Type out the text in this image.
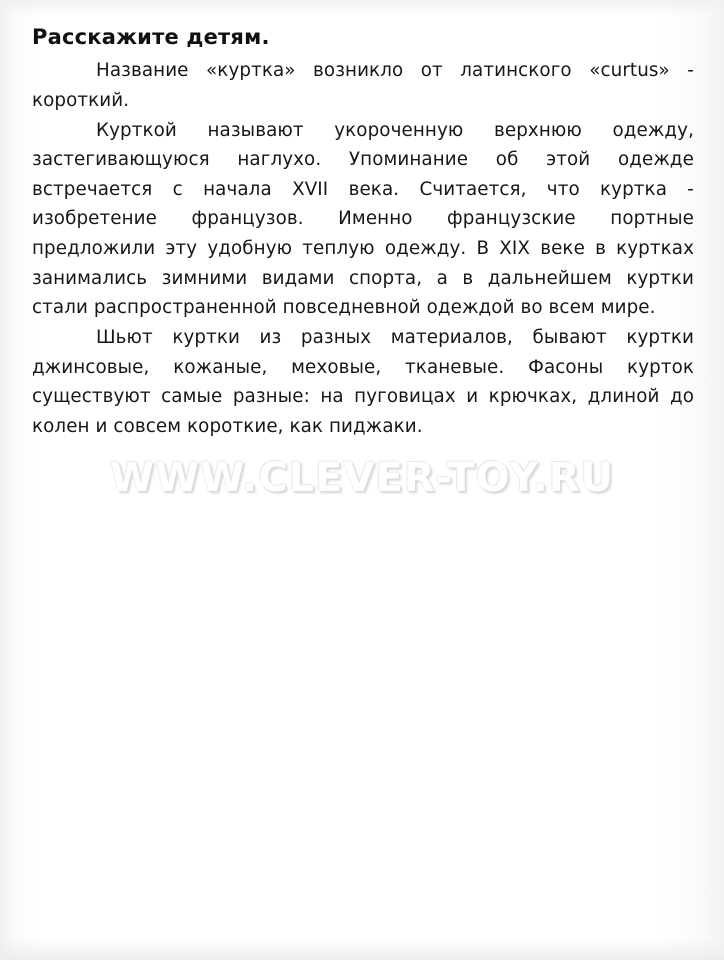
Расскажите детям.

Название «куртка» возникло от латинского «curtus» - короткий.

Курткой называют укороченную верхнюю одежду, застегивающуюся наглухо. Упоминание об этой одежде встречается с начала XVII века. Считается, что куртка - изобретение французов. Именно французские портные предложили эту удобную теплую одежду. В XIX веке в куртках занимались зимними видами спорта, а в дальнейшем куртки стали распространенной повседневной одеждой во всем мире.

Шьют куртки из разных материалов, бывают куртки джинсовые, кожаные, меховые, тканевые. Фасоны курток существуют самые разные: на пуговицах и крючках, длиной до колен и совсем короткие, как пиджаки.

WWW.CLEVER-TOY.RU
